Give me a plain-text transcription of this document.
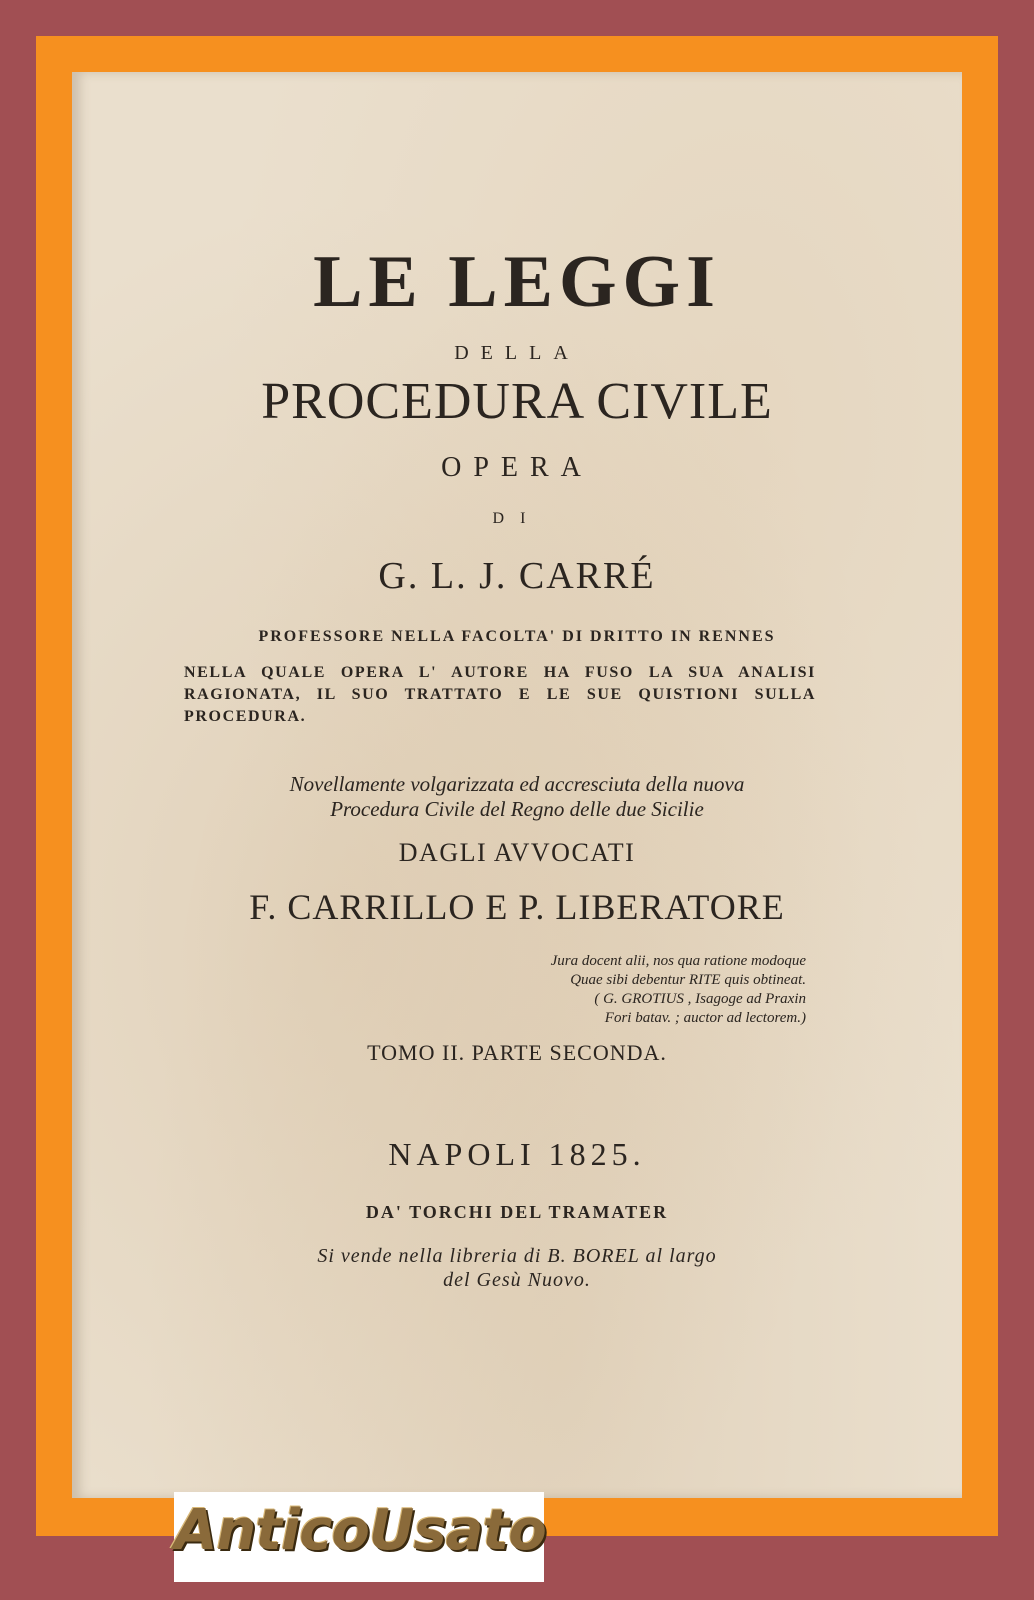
LE LEGGI
DELLA
PROCEDURA CIVILE
OPERA
DI
G. L. J. CARRÉ
PROFESSORE NELLA FACOLTA' DI DRITTO IN RENNES
NELLA QUALE OPERA L' AUTORE HA FUSO LA SUA ANALISI RAGIONATA, IL SUO TRATTATO E LE SUE QUISTIONI SULLA PROCEDURA.
Novellamente volgarizzata ed accresciuta della nuova
Procedura Civile del Regno delle due Sicilie
DAGLI AVVOCATI
F. CARRILLO E P. LIBERATORE
Jura docent alii, nos qua ratione modoque
Quae sibi debentur RITE quis obtineat.
( G. GROTIUS , Isagoge ad Praxin
Fori batav. ; auctor ad lectorem.)
TOMO II. PARTE SECONDA.
NAPOLI 1825.
DA' TORCHI DEL TRAMATER
Si vende nella libreria di B. BOREL al largo
del Gesù Nuovo.
AnticoUsato
